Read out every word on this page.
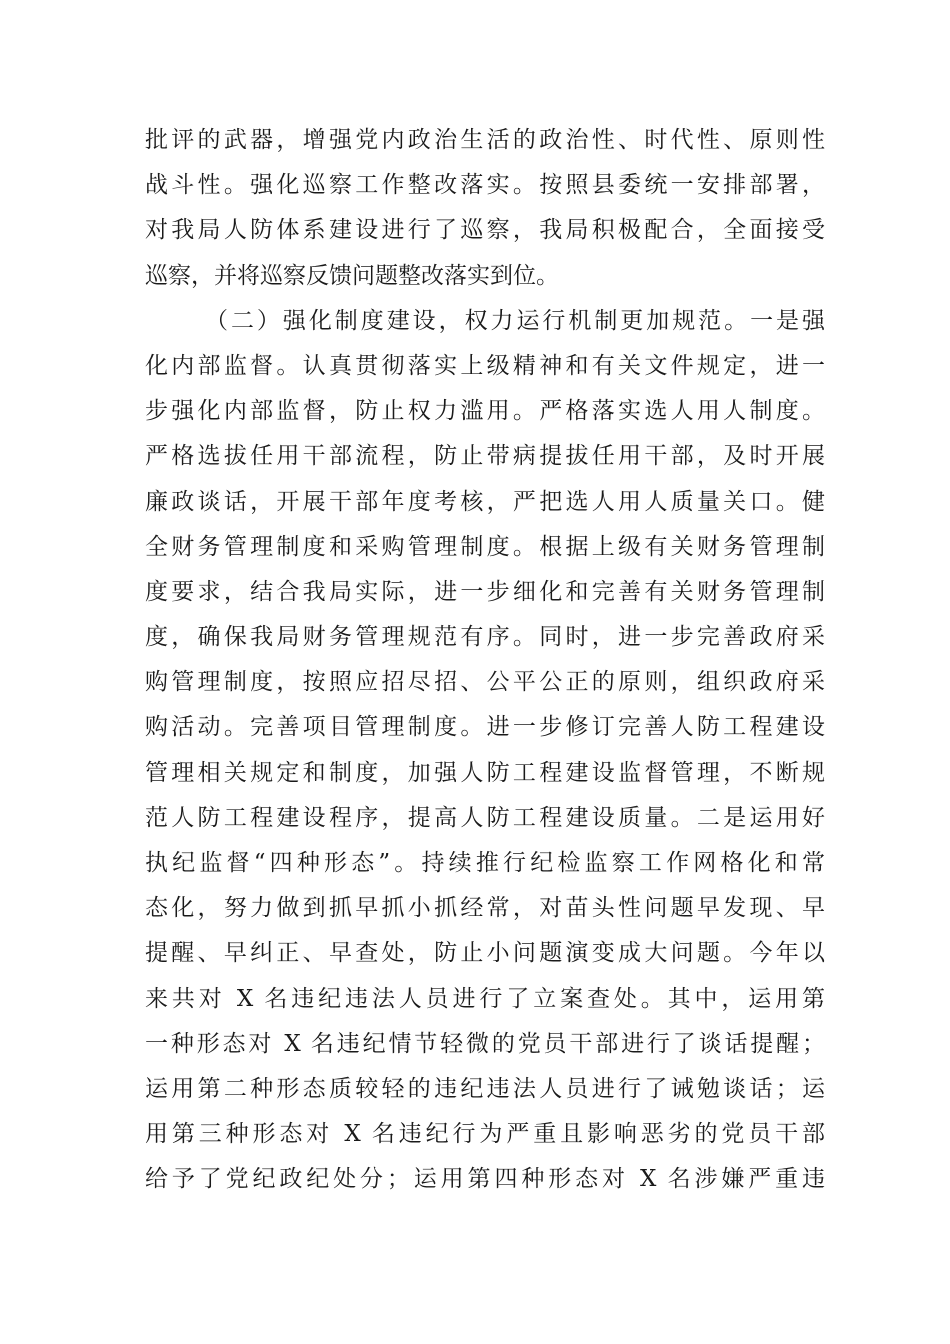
批评的武器，增强党内政治生活的政治性、时代性、原则性
战斗性。强化巡察工作整改落实。按照县委统一安排部署，
对我局人防体系建设进行了巡察，我局积极配合，全面接受
巡察，并将巡察反馈问题整改落实到位。
（二）强化制度建设，权力运行机制更加规范。一是强
化内部监督。认真贯彻落实上级精神和有关文件规定，进一
步强化内部监督，防止权力滥用。严格落实选人用人制度。
严格选拔任用干部流程，防止带病提拔任用干部，及时开展
廉政谈话，开展干部年度考核，严把选人用人质量关口。健
全财务管理制度和采购管理制度。根据上级有关财务管理制
度要求，结合我局实际，进一步细化和完善有关财务管理制
度，确保我局财务管理规范有序。同时，进一步完善政府采
购管理制度，按照应招尽招、公平公正的原则，组织政府采
购活动。完善项目管理制度。进一步修订完善人防工程建设
管理相关规定和制度，加强人防工程建设监督管理，不断规
范人防工程建设程序，提高人防工程建设质量。二是运用好
执纪监督“四种形态”。持续推行纪检监察工作网格化和常
态化，努力做到抓早抓小抓经常，对苗头性问题早发现、早
提醒、早纠正、早查处，防止小问题演变成大问题。今年以
来共对 X 名违纪违法人员进行了立案查处。其中，运用第
一种形态对 X 名违纪情节轻微的党员干部进行了谈话提醒；
运用第二种形态质较轻的违纪违法人员进行了诫勉谈话；运
用第三种形态对 X 名违纪行为严重且影响恶劣的党员干部
给予了党纪政纪处分；运用第四种形态对 X 名涉嫌严重违
